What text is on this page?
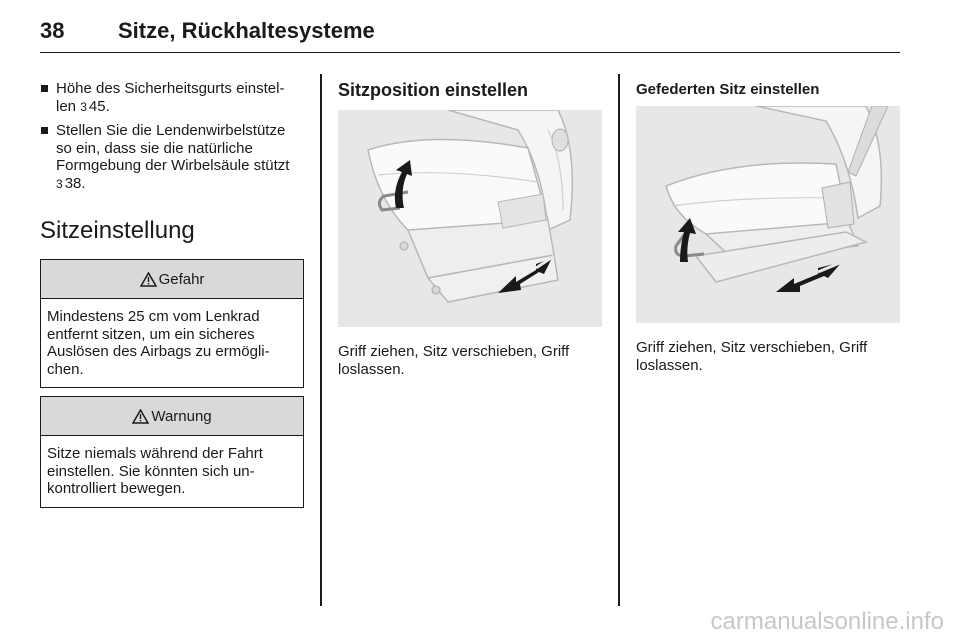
38 Sitze, Rückhaltesysteme
Höhe des Sicherheitsgurts einstel-
len 3 45.
Stellen Sie die Lendenwirbelstütze
so ein, dass sie die natürliche
Formgebung der Wirbelsäule stützt
3 38.
Sitzeinstellung
Gefahr
Mindestens 25 cm vom Lenkrad
entfernt sitzen, um ein sicheres
Auslösen des Airbags zu ermögli-
chen.
Warnung
Sitze niemals während der Fahrt
einstellen. Sie könnten sich un-
kontrolliert bewegen.
Sitzposition einstellen
Griff ziehen, Sitz verschieben, Griff
loslassen.
Gefederten Sitz einstellen
Griff ziehen, Sitz verschieben, Griff
loslassen.
carmanualsonline.info
